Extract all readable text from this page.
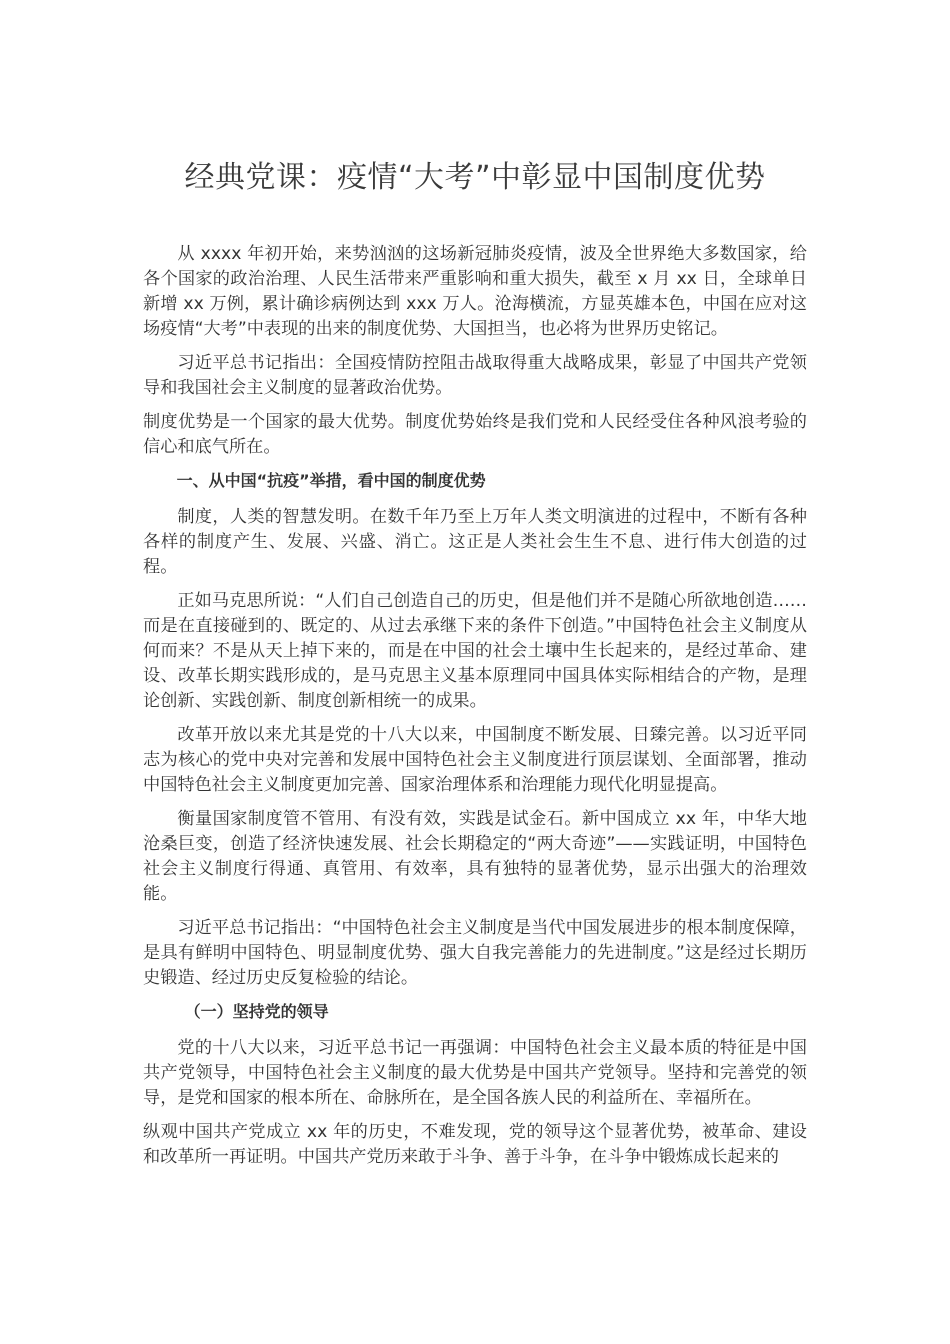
经典党课：疫情“大考”中彰显中国制度优势

从 xxxx 年初开始，来势汹汹的这场新冠肺炎疫情，波及全世界绝大多数国家，给各个国家的政治治理、人民生活带来严重影响和重大损失，截至 x 月 xx 日，全球单日新增 xx 万例，累计确诊病例达到 xxx 万人。沧海横流，方显英雄本色，中国在应对这场疫情“大考”中表现的出来的制度优势、大国担当，也必将为世界历史铭记。

习近平总书记指出：全国疫情防控阻击战取得重大战略成果，彰显了中国共产党领导和我国社会主义制度的显著政治优势。

制度优势是一个国家的最大优势。制度优势始终是我们党和人民经受住各种风浪考验的信心和底气所在。

一、从中国“抗疫”举措，看中国的制度优势

制度，人类的智慧发明。在数千年乃至上万年人类文明演进的过程中，不断有各种各样的制度产生、发展、兴盛、消亡。这正是人类社会生生不息、进行伟大创造的过程。

正如马克思所说：“人们自己创造自己的历史，但是他们并不是随心所欲地创造……而是在直接碰到的、既定的、从过去承继下来的条件下创造。”中国特色社会主义制度从何而来？不是从天上掉下来的，而是在中国的社会土壤中生长起来的，是经过革命、建设、改革长期实践形成的，是马克思主义基本原理同中国具体实际相结合的产物，是理论创新、实践创新、制度创新相统一的成果。

改革开放以来尤其是党的十八大以来，中国制度不断发展、日臻完善。以习近平同志为核心的党中央对完善和发展中国特色社会主义制度进行顶层谋划、全面部署，推动中国特色社会主义制度更加完善、国家治理体系和治理能力现代化明显提高。

衡量国家制度管不管用、有没有效，实践是试金石。新中国成立 xx 年，中华大地沧桑巨变，创造了经济快速发展、社会长期稳定的“两大奇迹”——实践证明，中国特色社会主义制度行得通、真管用、有效率，具有独特的显著优势，显示出强大的治理效能。

习近平总书记指出：“中国特色社会主义制度是当代中国发展进步的根本制度保障，是具有鲜明中国特色、明显制度优势、强大自我完善能力的先进制度。”这是经过长期历史锻造、经过历史反复检验的结论。

（一）坚持党的领导

党的十八大以来，习近平总书记一再强调：中国特色社会主义最本质的特征是中国共产党领导，中国特色社会主义制度的最大优势是中国共产党领导。坚持和完善党的领导，是党和国家的根本所在、命脉所在，是全国各族人民的利益所在、幸福所在。

纵观中国共产党成立 xx 年的历史，不难发现，党的领导这个显著优势，被革命、建设和改革所一再证明。中国共产党历来敢于斗争、善于斗争，在斗争中锻炼成长起来的
